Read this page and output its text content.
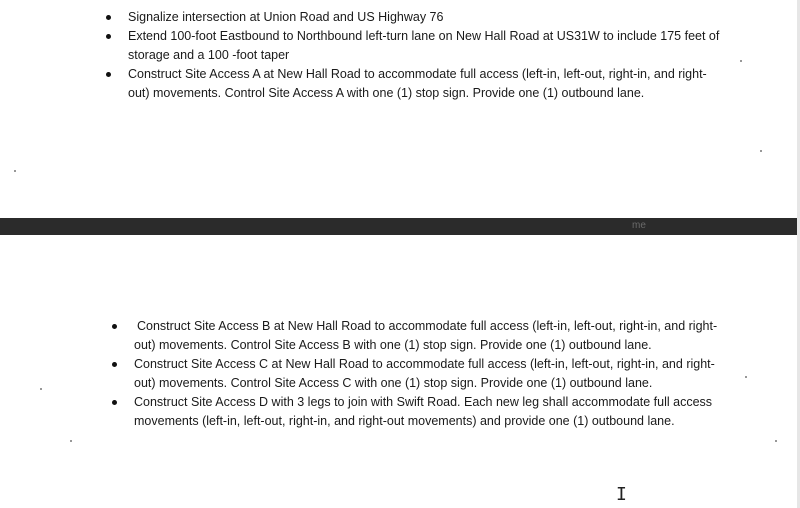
Signalize intersection at Union Road and US Highway 76
Extend 100-foot Eastbound to Northbound left-turn lane on New Hall Road at US31W to include 175 feet of storage and a 100 -foot taper
Construct Site Access A at New Hall Road to accommodate full access (left-in, left-out, right-in, and right-out) movements. Control Site Access A with one (1) stop sign. Provide one (1) outbound lane.
me
Construct Site Access B at New Hall Road to accommodate full access (left-in, left-out, right-in, and right-out) movements. Control Site Access B with one (1) stop sign. Provide one (1) outbound lane.
Construct Site Access C at New Hall Road to accommodate full access (left-in, left-out, right-in, and right-out) movements. Control Site Access C with one (1) stop sign. Provide one (1) outbound lane.
Construct Site Access D with 3 legs to join with Swift Road. Each new leg shall accommodate full access movements (left-in, left-out, right-in, and right-out movements) and provide one (1) outbound lane.
I
